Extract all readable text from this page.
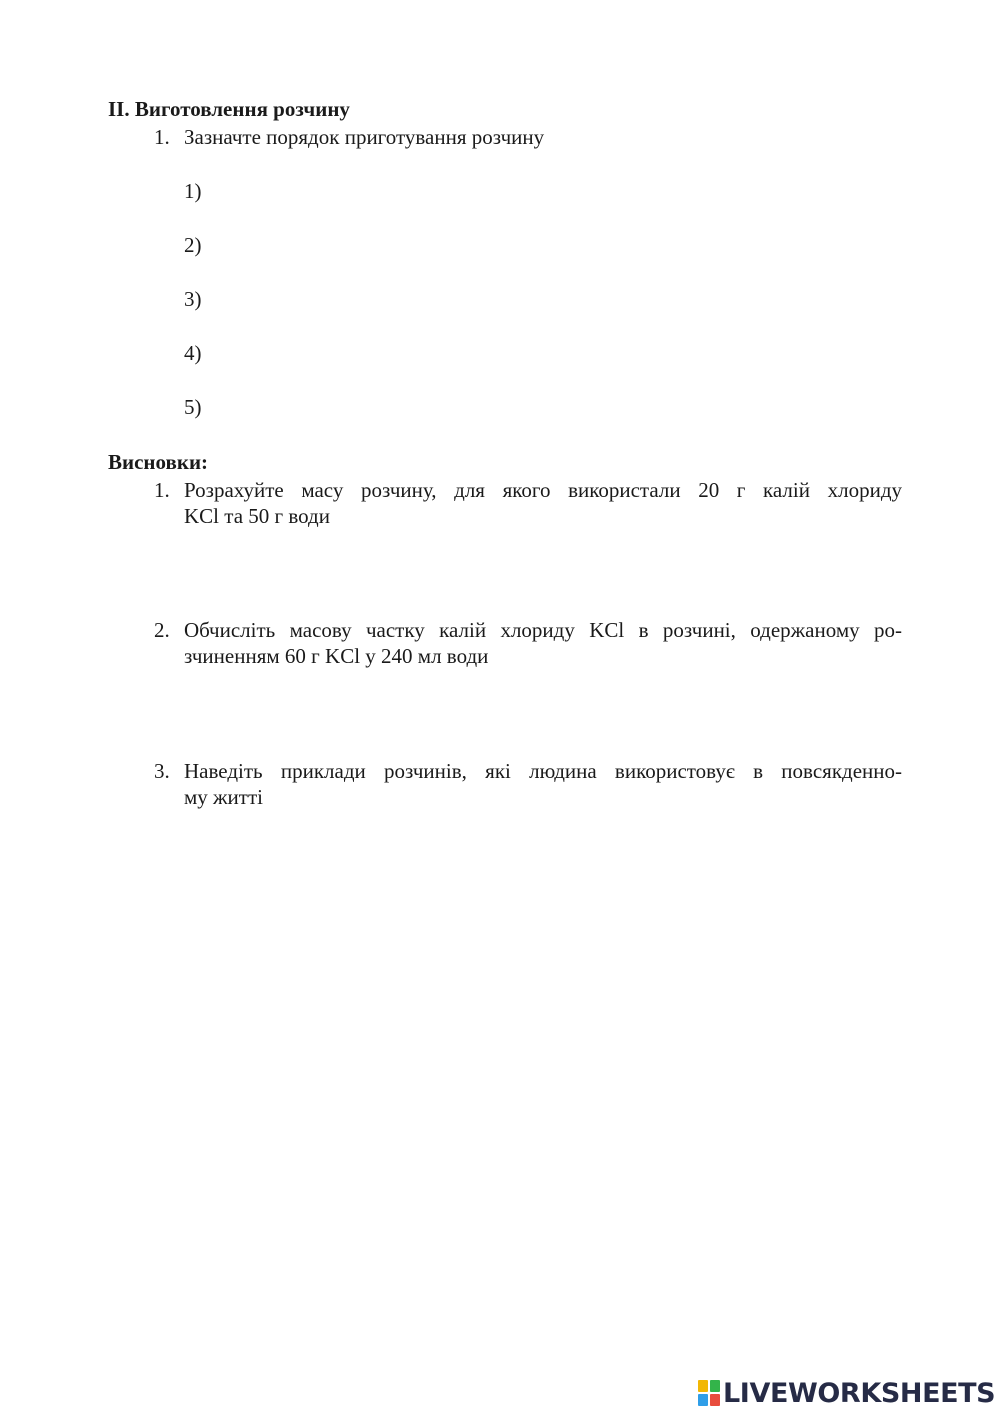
II. Виготовлення розчину
1. Зазначте порядок приготування розчину
1)
2)
3)
4)
5)
Висновки:
1. Розрахуйте масу розчину, для якого використали 20 г калій хлориду
KCl та 50 г води
2. Обчисліть масову частку калій хлориду KCl в розчині, одержаному ро-
зчиненням 60 г KCl у 240 мл води
3. Наведіть приклади розчинів, які людина використовує в повсякденно-
му житті
LIVEWORKSHEETS
